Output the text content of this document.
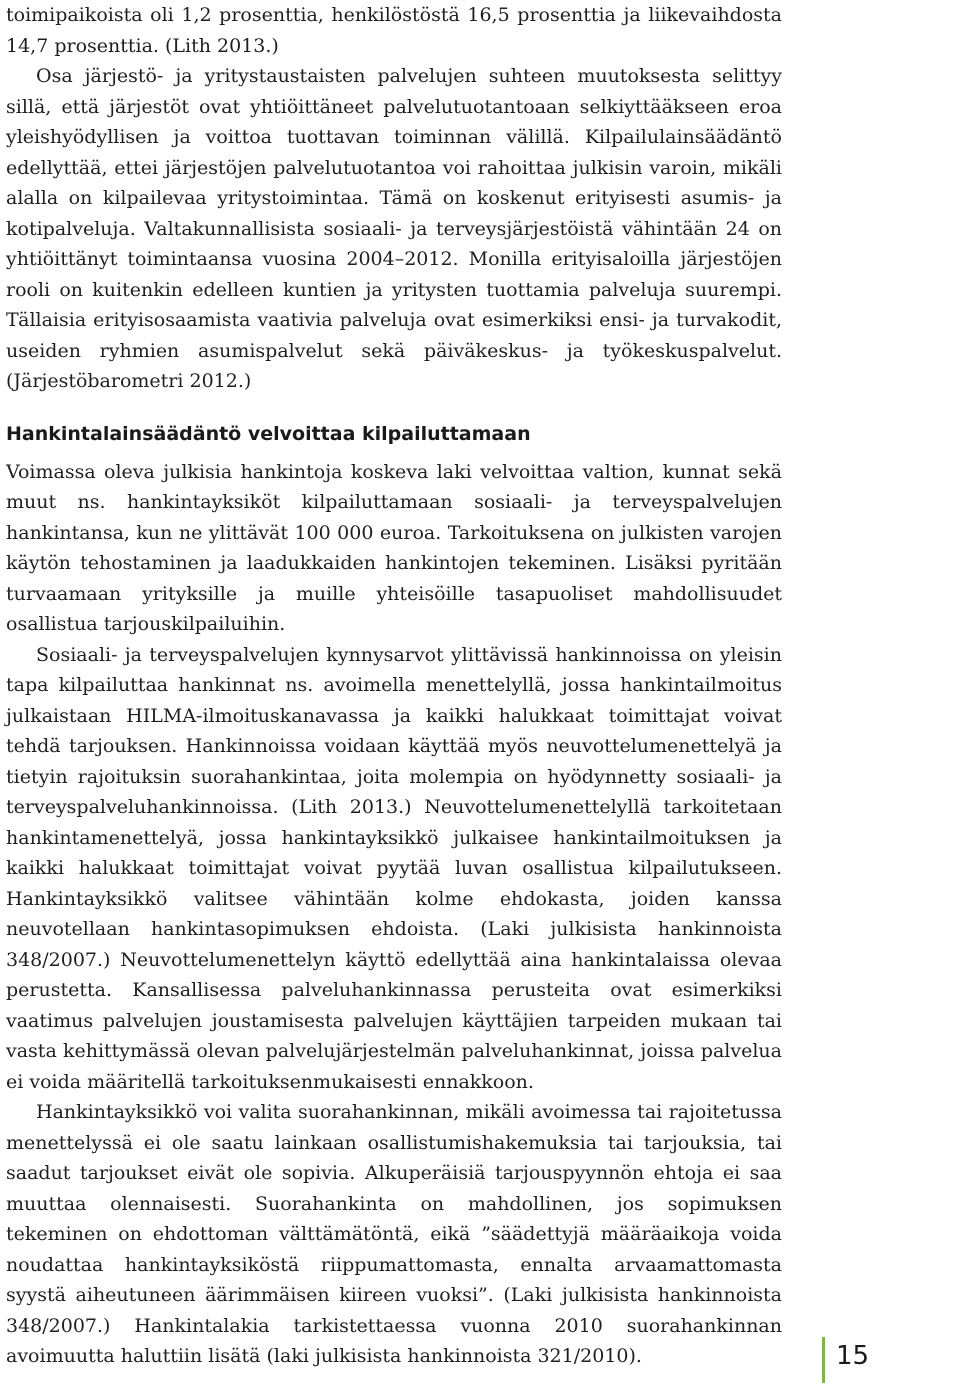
toimipaikoista oli 1,2 prosenttia, henkilöstöstä 16,5 prosenttia ja liikevaihdosta 14,7 prosenttia. (Lith 2013.)

Osa järjestö- ja yritystaustaisten palvelujen suhteen muutoksesta selittyy sillä, että järjestöt ovat yhtiöittäneet palvelutuotantoaan selkiyttääkseen eroa yleishyödyllisen ja voittoa tuottavan toiminnan välillä. Kilpailulainsäädäntö edellyttää, ettei järjestöjen palvelutuotantoa voi rahoittaa julkisin varoin, mikäli alalla on kilpailevaa yritystoimintaa. Tämä on koskenut erityisesti asumis- ja kotipalveluja. Valtakunnallisista sosiaali- ja terveysjärjestöistä vähintään 24 on yhtiöittänyt toimintaansa vuosina 2004–2012. Monilla erityisaloilla järjestöjen rooli on kuitenkin edelleen kuntien ja yritysten tuottamia palveluja suurempi. Tällaisia erityisosaamista vaativia palveluja ovat esimerkiksi ensi- ja turvakodit, useiden ryhmien asumispalvelut sekä päiväkeskus- ja työkeskuspalvelut. (Järjestöbarometri 2012.)

Hankintalainsäädäntö velvoittaa kilpailuttamaan

Voimassa oleva julkisia hankintoja koskeva laki velvoittaa valtion, kunnat sekä muut ns. hankintayksiköt kilpailuttamaan sosiaali- ja terveyspalvelujen hankintansa, kun ne ylittävät 100 000 euroa. Tarkoituksena on julkisten varojen käytön tehostaminen ja laadukkaiden hankintojen tekeminen. Lisäksi pyritään turvaamaan yrityksille ja muille yhteisöille tasapuoliset mahdollisuudet osallistua tarjouskilpailuihin.

Sosiaali- ja terveyspalvelujen kynnysarvot ylittävissä hankinnoissa on yleisin tapa kilpailuttaa hankinnat ns. avoimella menettelyllä, jossa hankintailmoitus julkaistaan HILMA-ilmoituskanavassa ja kaikki halukkaat toimittajat voivat tehdä tarjouksen. Hankinnoissa voidaan käyttää myös neuvottelumenettelyä ja tietyin rajoituksin suorahankintaa, joita molempia on hyödynnetty sosiaali- ja terveyspalveluhankinnoissa. (Lith 2013.) Neuvottelumenettelyllä tarkoitetaan hankintamenettelyä, jossa hankintayksikkö julkaisee hankintailmoituksen ja kaikki halukkaat toimittajat voivat pyytää luvan osallistua kilpailutukseen. Hankintayksikkö valitsee vähintään kolme ehdokasta, joiden kanssa neuvotellaan hankintasopimuksen ehdoista. (Laki julkisista hankinnoista 348/2007.) Neuvottelumenettelyn käyttö edellyttää aina hankintalaissa olevaa perustetta. Kansallisessa palveluhankinnassa perusteita ovat esimerkiksi vaatimus palvelujen joustamisesta palvelujen käyttäjien tarpeiden mukaan tai vasta kehittymässä olevan palvelujärjestelmän palveluhankinnat, joissa palvelua ei voida määritellä tarkoituksenmukaisesti ennakkoon.

Hankintayksikkö voi valita suorahankinnan, mikäli avoimessa tai rajoitetussa menettelyssä ei ole saatu lainkaan osallistumishakemuksia tai tarjouksia, tai saadut tarjoukset eivät ole sopivia. Alkuperäisiä tarjouspyynnön ehtoja ei saa muuttaa olennaisesti. Suorahankinta on mahdollinen, jos sopimuksen tekeminen on ehdottoman välttämätöntä, eikä ”säädettyjä määräaikoja voida noudattaa hankintayksiköstä riippumattomasta, ennalta arvaamattomasta syystä aiheutuneen äärimmäisen kiireen vuoksi”. (Laki julkisista hankinnoista 348/2007.) Hankintalakia tarkistettaessa vuonna 2010 suorahankinnan avoimuutta haluttiin lisätä (laki julkisista hankinnoista 321/2010).	15
